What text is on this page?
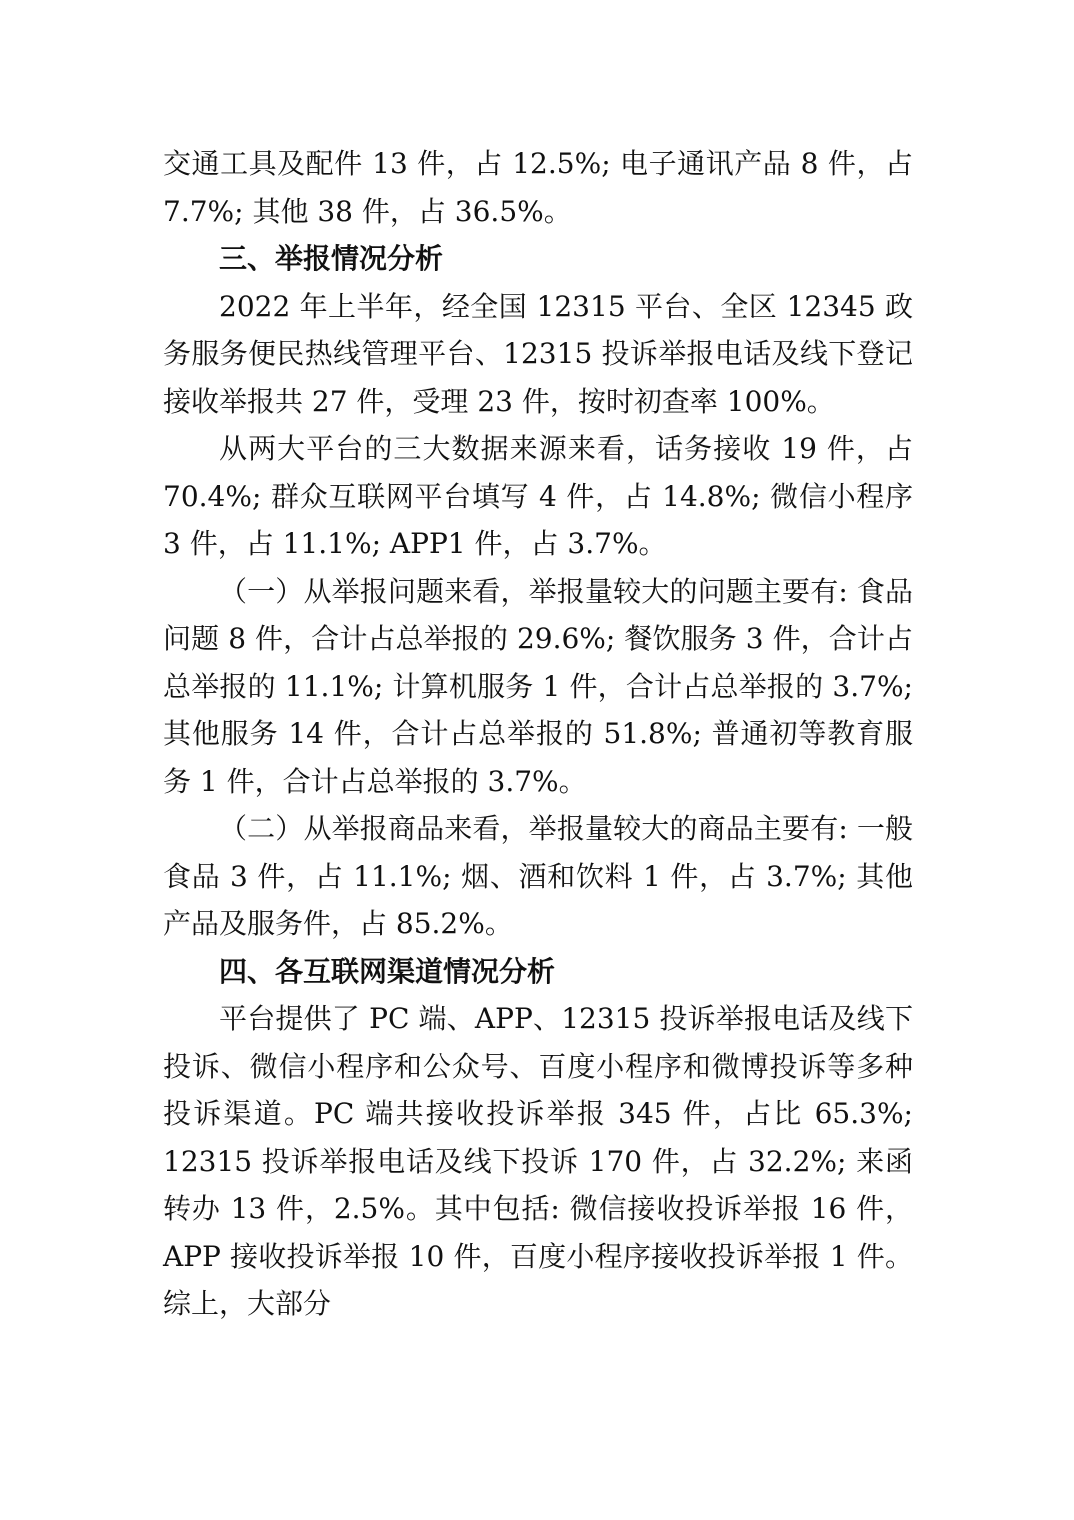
交通工具及配件 13 件，占 12.5%; 电子通讯产品 8 件，占 7.7%; 其他 38 件，占 36.5%。

三、举报情况分析

2022 年上半年，经全国 12315 平台、全区 12345 政务服务便民热线管理平台、12315 投诉举报电话及线下登记接收举报共 27 件，受理 23 件，按时初查率 100%。

从两大平台的三大数据来源来看，话务接收 19 件，占 70.4%; 群众互联网平台填写 4 件，占 14.8%; 微信小程序 3 件，占 11.1%; APP1 件，占 3.7%。

（一）从举报问题来看，举报量较大的问题主要有: 食品问题 8 件，合计占总举报的 29.6%; 餐饮服务 3 件，合计占总举报的 11.1%; 计算机服务 1 件，合计占总举报的 3.7%; 其他服务 14 件，合计占总举报的 51.8%; 普通初等教育服务 1 件，合计占总举报的 3.7%。

（二）从举报商品来看，举报量较大的商品主要有: 一般食品 3 件，占 11.1%; 烟、酒和饮料 1 件，占 3.7%; 其他产品及服务件，占 85.2%。

四、各互联网渠道情况分析

平台提供了 PC 端、APP、12315 投诉举报电话及线下投诉、微信小程序和公众号、百度小程序和微博投诉等多种投诉渠道。PC 端共接收投诉举报 345 件，占比 65.3%; 12315 投诉举报电话及线下投诉 170 件，占 32.2%; 来函转办 13 件，2.5%。其中包括: 微信接收投诉举报 16 件， APP 接收投诉举报 10 件，百度小程序接收投诉举报 1 件。综上，大部分
